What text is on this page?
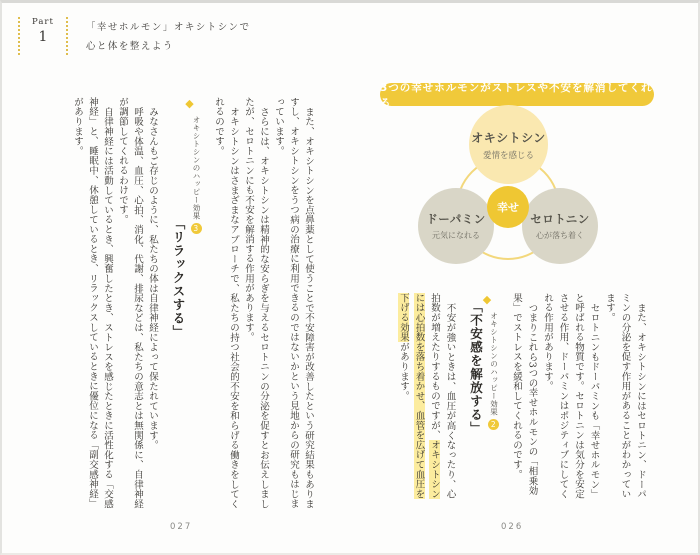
Part
1
「幸せホルモン」オキシトシンで
心と体を整えよう
3つの幸せホルモンがストレスや不安を解消してくれる
オキシトシン
愛情を感じる
ドーパミン
元気になれる
セロトニン
心が落ち着く
幸せ

また、オキシトシンにはセロトニン、ドーパミンの分泌を促す作用があることがわかっています。

セロトニンもドーパミンも「幸せホルモン」と呼ばれる物質です。セロトニンは気分を安定させる作用、ドーパミンはポジティブにしてくれる作用があります。

つまりこれら3つの幸せホルモンの「相乗効果」でストレスを緩和してくれるのです。

◆オキシトシンのハッピー効果2
「不安感を解放する」

不安が強いときは、血圧が高くなったり、心拍数が増えたりするものですが、オキシトシンには心拍数を落ち着かせ、血管を広げて血圧を下げる効果があります。

また、オキシトシンを点鼻薬として使うことで不安障害が改善したという研究結果もありますし、オキシトシンをうつ病の治療に利用できるのではないかという見地からの研究もはじまっています。

さらには、オキシトシンは精神的な安らぎを与えるセロトニンの分泌を促すとお伝えしましたが、セロトニンにも不安を解消する作用があります。

オキシトシンはさまざまなアプローチで、私たちの持つ社会的不安を和らげる働きをしてくれるのです。

◆オキシトシンのハッピー効果3
「リラックスする」

みなさんもご存じのように、私たちの体は自律神経によって保たれています。

呼吸や体温、血圧、心拍、消化、代謝、排尿などは、私たちの意志とは無関係に、自律神経が調節してくれるわけです。

自律神経には活動しているとき、興奮したとき、ストレスを感じたときに活性化する「交感神経」と、睡眠中、休憩しているとき、リラックスしているときに優位になる「副交感神経」があります。

027	026
